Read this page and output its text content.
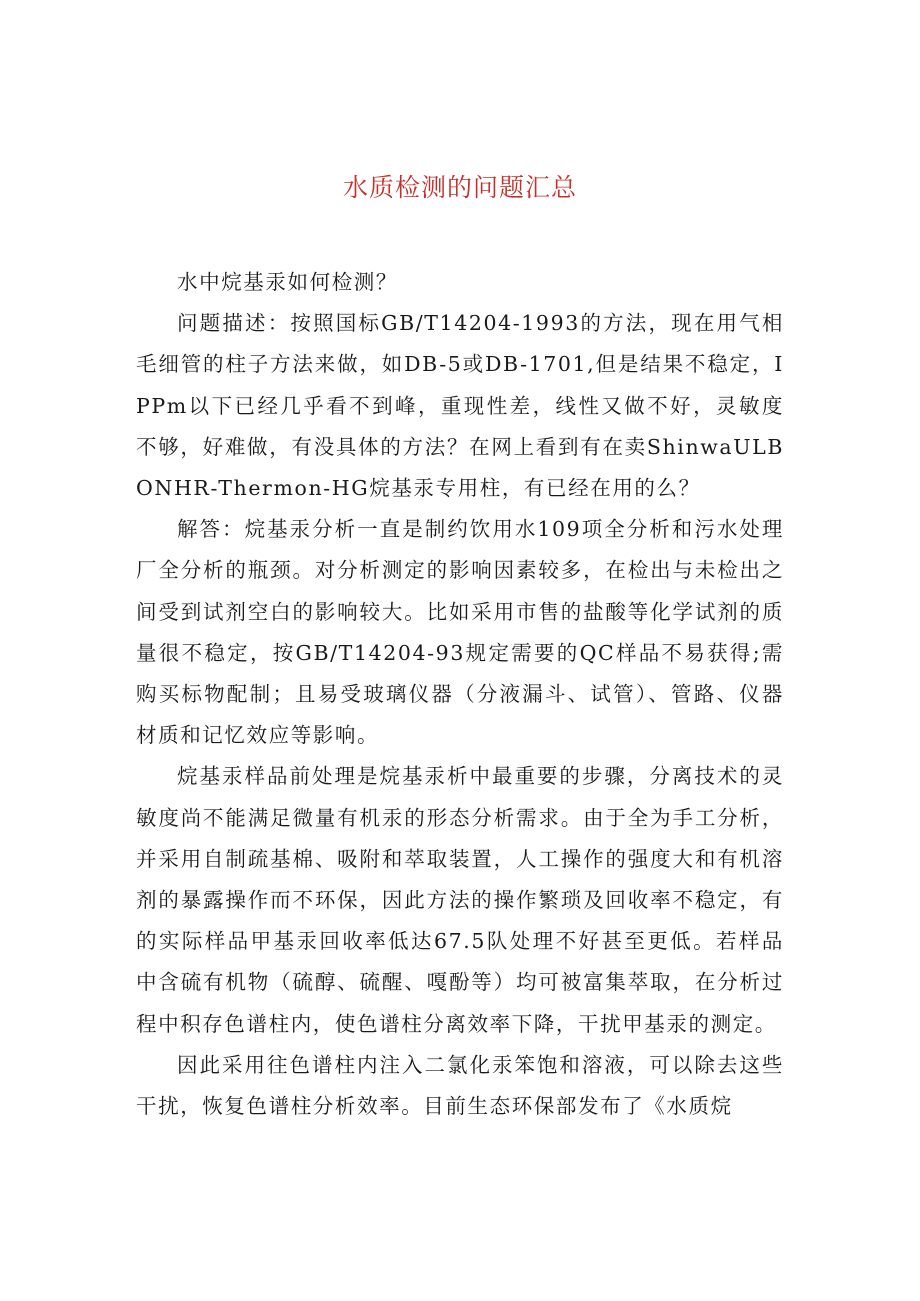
水质检测的问题汇总

水中烷基汞如何检测？

问题描述：按照国标GB/T14204-1993的方法，现在用气相毛细管的柱子方法来做，如DB-5或DB-1701,但是结果不稳定，IPPm以下已经几乎看不到峰，重现性差，线性又做不好，灵敏度不够，好难做，有没具体的方法？在网上看到有在卖ShinwaULBONHR-Thermon-HG烷基汞专用柱，有已经在用的么？

解答：烷基汞分析一直是制约饮用水109项全分析和污水处理厂全分析的瓶颈。对分析测定的影响因素较多，在检出与未检出之间受到试剂空白的影响较大。比如采用市售的盐酸等化学试剂的质量很不稳定，按GB/T14204-93规定需要的QC样品不易获得;需购买标物配制；且易受玻璃仪器（分液漏斗、试管）、管路、仪器材质和记忆效应等影响。

烷基汞样品前处理是烷基汞析中最重要的步骤，分离技术的灵敏度尚不能满足微量有机汞的形态分析需求。由于全为手工分析，并采用自制疏基棉、吸附和萃取装置，人工操作的强度大和有机溶剂的暴露操作而不环保，因此方法的操作繁琐及回收率不稳定，有的实际样品甲基汞回收率低达67.5队处理不好甚至更低。若样品中含硫有机物（硫醇、硫醒、嘎酚等）均可被富集萃取，在分析过程中积存色谱柱内，使色谱柱分离效率下降，干扰甲基汞的测定。

因此采用往色谱柱内注入二氯化汞笨饱和溶液，可以除去这些干扰，恢复色谱柱分析效率。目前生态环保部发布了《水质烷
